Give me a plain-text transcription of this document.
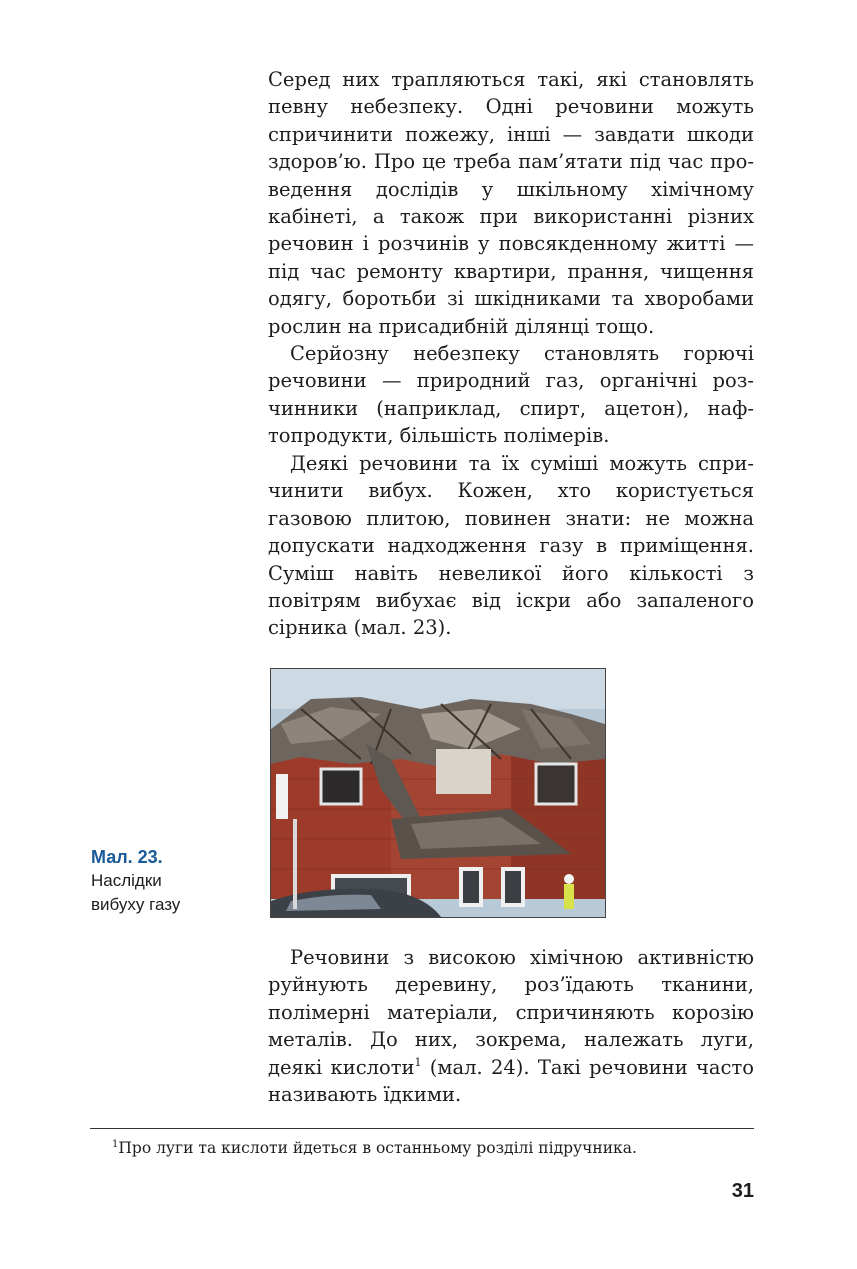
Серед них трапляються такі, які становлять певну небезпеку. Одні речовини можуть спричинити пожежу, інші — завдати шкоди здоров’ю. Про це треба пам’ятати під час проведення дослідів у шкільному хімічному кабінеті, а також при використанні різних речовин і розчинів у повсякденному житті — під час ремонту квартири, прання, чищення одягу, боротьби зі шкідниками та хворобами рослин на присадибній ділянці тощо.

Серйозну небезпеку становлять горючі речовини — природний газ, органічні розчинники (наприклад, спирт, ацетон), нафтопродукти, більшість полімерів.

Деякі речовини та їх суміші можуть спричинити вибух. Кожен, хто користується газовою плитою, повинен знати: не можна допускати надходження газу в приміщення. Суміш навіть невеликої його кількості з повітрям вибухає від іскри або запаленого сірника (мал. 23).

Мал. 23.
Наслідки
вибуху газу

Речовини з високою хімічною активністю руйнують деревину, роз’їдають тканини, полімерні матеріали, спричиняють корозію металів. До них, зокрема, належать луги, деякі кислоти$^1$ (мал. 24). Такі речовини часто називають їдкими.

$^1$Про луги та кислоти йдеться в останньому розділі підручника.
31
